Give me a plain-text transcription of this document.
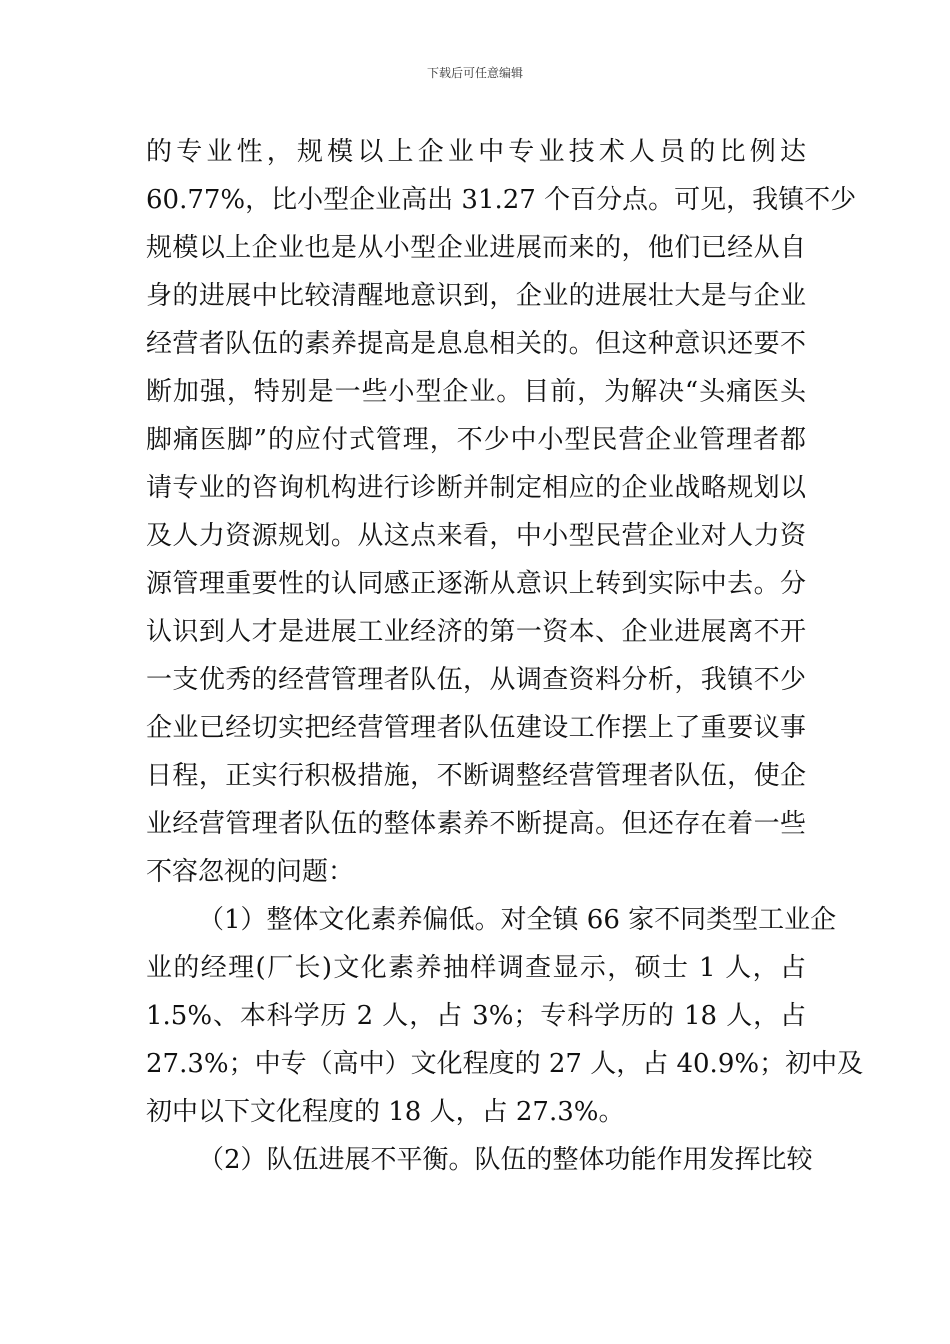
下载后可任意编辑
的专业性，规模以上企业中专业技术人员的比例达
60.77%，比小型企业高出 31.27 个百分点。可见，我镇不少
规模以上企业也是从小型企业进展而来的，他们已经从自
身的进展中比较清醒地意识到，企业的进展壮大是与企业
经营者队伍的素养提高是息息相关的。但这种意识还要不
断加强，特别是一些小型企业。目前，为解决“头痛医头
脚痛医脚”的应付式管理，不少中小型民营企业管理者都
请专业的咨询机构进行诊断并制定相应的企业战略规划以
及人力资源规划。从这点来看，中小型民营企业对人力资
源管理重要性的认同感正逐渐从意识上转到实际中去。分
认识到人才是进展工业经济的第一资本、企业进展离不开
一支优秀的经营管理者队伍，从调查资料分析，我镇不少
企业已经切实把经营管理者队伍建设工作摆上了重要议事
日程，正实行积极措施，不断调整经营管理者队伍，使企
业经营管理者队伍的整体素养不断提高。但还存在着一些
不容忽视的问题：
（1）整体文化素养偏低。对全镇 66 家不同类型工业企
业的经理(厂长)文化素养抽样调查显示，硕士 1 人，占
1.5%、本科学历 2 人，占 3%；专科学历的 18 人，占
27.3%；中专（高中）文化程度的 27 人，占 40.9%；初中及
初中以下文化程度的 18 人，占 27.3%。
（2）队伍进展不平衡。队伍的整体功能作用发挥比较
